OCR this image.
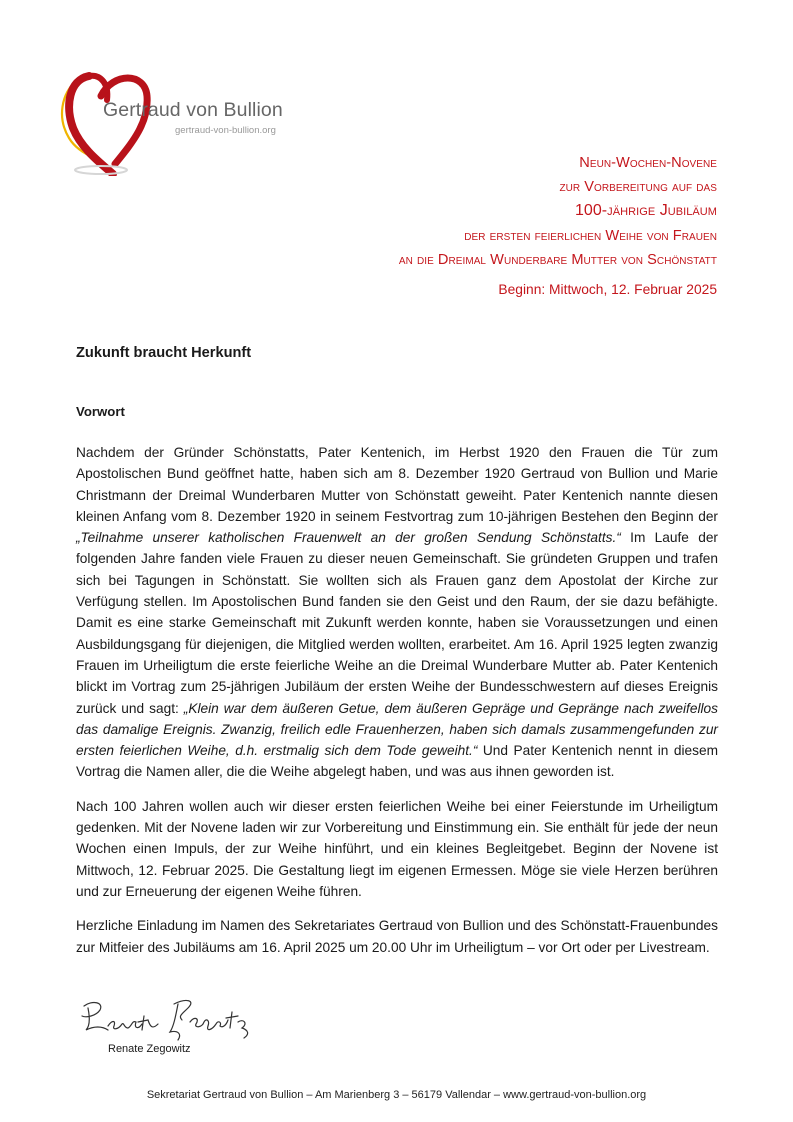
Gertraud von Bullion
gertraud-von-bullion.org
Neun-Wochen-Novene
zur Vorbereitung auf das
100-jährige Jubiläum
der ersten feierlichen Weihe von Frauen
an die Dreimal Wunderbare Mutter von Schönstatt
Beginn: Mittwoch, 12. Februar 2025
Zukunft braucht Herkunft
Vorwort

Nachdem der Gründer Schönstatts, Pater Kentenich, im Herbst 1920 den Frauen die Tür zum Apostolischen Bund geöffnet hatte, haben sich am 8. Dezember 1920 Gertraud von Bullion und Marie Christmann der Dreimal Wunderbaren Mutter von Schönstatt geweiht. Pater Kentenich nannte diesen kleinen Anfang vom 8. Dezember 1920 in seinem Festvortrag zum 10-jährigen Bestehen den Beginn der „Teilnahme unserer katholischen Frauenwelt an der großen Sendung Schönstatts.“ Im Laufe der folgenden Jahre fanden viele Frauen zu dieser neuen Gemeinschaft. Sie gründeten Gruppen und trafen sich bei Tagungen in Schönstatt. Sie wollten sich als Frauen ganz dem Apostolat der Kirche zur Verfügung stellen. Im Apostolischen Bund fanden sie den Geist und den Raum, der sie dazu befähigte. Damit es eine starke Gemeinschaft mit Zukunft werden konnte, haben sie Voraussetzungen und einen Ausbildungsgang für diejenigen, die Mitglied werden wollten, erarbeitet. Am 16. April 1925 legten zwanzig Frauen im Urheiligtum die erste feierliche Weihe an die Dreimal Wunderbare Mutter ab. Pater Kentenich blickt im Vortrag zum 25-jährigen Jubiläum der ersten Weihe der Bundesschwestern auf dieses Ereignis zurück und sagt: „Klein war dem äußeren Getue, dem äußeren Gepräge und Gepränge nach zweifellos das damalige Ereignis. Zwanzig, freilich edle Frauenherzen, haben sich damals zusammengefunden zur ersten feierlichen Weihe, d.h. erstmalig sich dem Tode geweiht.“ Und Pater Kentenich nennt in diesem Vortrag die Namen aller, die die Weihe abgelegt haben, und was aus ihnen geworden ist.

Nach 100 Jahren wollen auch wir dieser ersten feierlichen Weihe bei einer Feierstunde im Urheiligtum gedenken. Mit der Novene laden wir zur Vorbereitung und Einstimmung ein. Sie enthält für jede der neun Wochen einen Impuls, der zur Weihe hinführt, und ein kleines Begleitgebet. Beginn der Novene ist Mittwoch, 12. Februar 2025. Die Gestaltung liegt im eigenen Ermessen. Möge sie viele Herzen berühren und zur Erneuerung der eigenen Weihe führen.

Herzliche Einladung im Namen des Sekretariates Gertraud von Bullion und des Schönstatt-Frauenbundes zur Mitfeier des Jubiläums am 16. April 2025 um 20.00 Uhr im Urheiligtum – vor Ort oder per Livestream.

Renate Zegowitz
Sekretariat Gertraud von Bullion – Am Marienberg 3 – 56179 Vallendar – www.gertraud-von-bullion.org
